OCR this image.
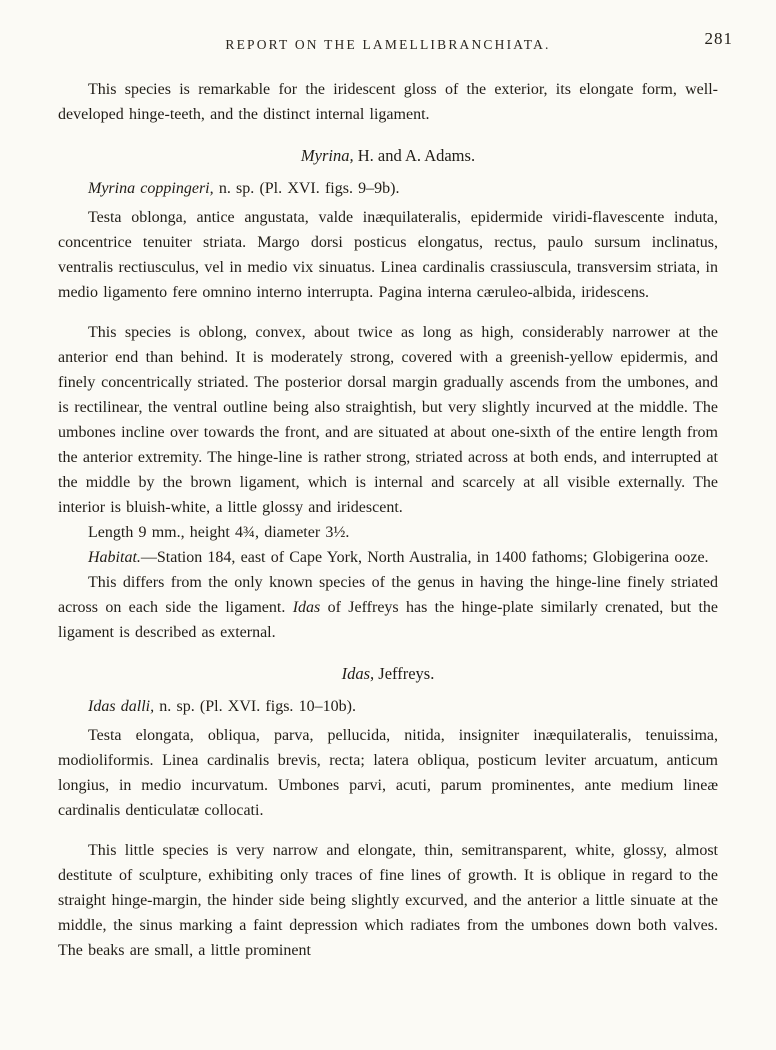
REPORT ON THE LAMELLIBRANCHIATA.	281

This species is remarkable for the iridescent gloss of the exterior, its elongate form, well-developed hinge-teeth, and the distinct internal ligament.

Myrina, H. and A. Adams.

Myrina coppingeri, n. sp. (Pl. XVI. figs. 9–9b).

Testa oblonga, antice angustata, valde inæquilateralis, epidermide viridi-flavescente induta, concentrice tenuiter striata. Margo dorsi posticus elongatus, rectus, paulo sursum inclinatus, ventralis rectiusculus, vel in medio vix sinuatus. Linea cardinalis crassiuscula, transversim striata, in medio ligamento fere omnino interno interrupta. Pagina interna cæruleo-albida, iridescens.

This species is oblong, convex, about twice as long as high, considerably narrower at the anterior end than behind. It is moderately strong, covered with a greenish-yellow epidermis, and finely concentrically striated. The posterior dorsal margin gradually ascends from the umbones, and is rectilinear, the ventral outline being also straightish, but very slightly incurved at the middle. The umbones incline over towards the front, and are situated at about one-sixth of the entire length from the anterior extremity. The hinge-line is rather strong, striated across at both ends, and interrupted at the middle by the brown ligament, which is internal and scarcely at all visible externally. The interior is bluish-white, a little glossy and iridescent.

Length 9 mm., height 4¾, diameter 3½.

Habitat.—Station 184, east of Cape York, North Australia, in 1400 fathoms; Globigerina ooze.

This differs from the only known species of the genus in having the hinge-line finely striated across on each side the ligament. Idas of Jeffreys has the hinge-plate similarly crenated, but the ligament is described as external.

Idas, Jeffreys.

Idas dalli, n. sp. (Pl. XVI. figs. 10–10b).

Testa elongata, obliqua, parva, pellucida, nitida, insigniter inæquilateralis, tenuissima, modioliformis. Linea cardinalis brevis, recta; latera obliqua, posticum leviter arcuatum, anticum longius, in medio incurvatum. Umbones parvi, acuti, parum prominentes, ante medium lineæ cardinalis denticulatæ collocati.

This little species is very narrow and elongate, thin, semitransparent, white, glossy, almost destitute of sculpture, exhibiting only traces of fine lines of growth. It is oblique in regard to the straight hinge-margin, the hinder side being slightly excurved, and the anterior a little sinuate at the middle, the sinus marking a faint depression which radiates from the umbones down both valves. The beaks are small, a little prominent
